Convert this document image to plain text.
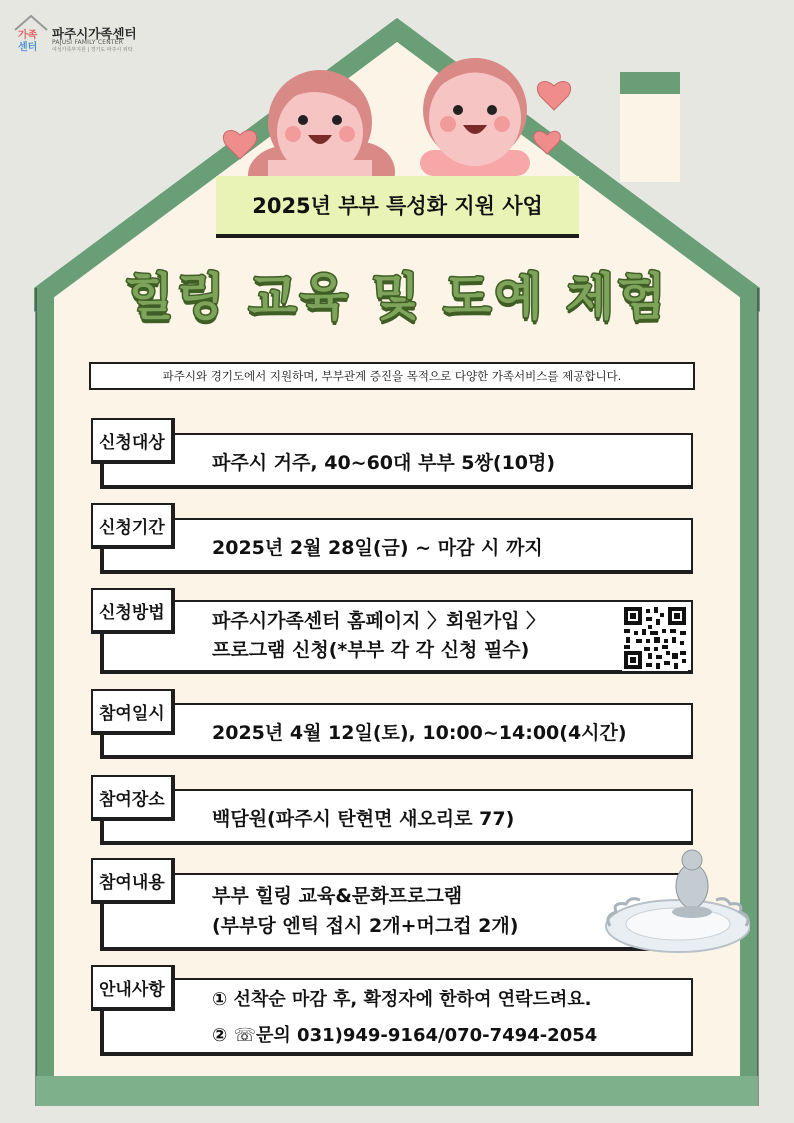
가족
센터
파주시가족센터
PAJUSI FAMILY CENTER
여성가족부지원 | 경기도 파주시 위탁
2025년 부부 특성화 지원 사업
힐링 교육 및 도예 체험
파주시와 경기도에서 지원하며, 부부관계 증진을 목적으로 다양한 가족서비스를 제공합니다.
신청대상
파주시 거주, 40~60대 부부 5쌍(10명)
신청기간
2025년 2월 28일(금) ~ 마감 시 까지
신청방법	파주시가족센터 홈페이지 〉회원가입 〉
프로그램 신청(*부부 각 각 신청 필수)
참여일시
2025년 4월 12일(토), 10:00~14:00(4시간)
참여장소
백담원(파주시 탄현면 새오리로 77)
참여내용
부부 힐링 교육&문화프로그램
(부부당 엔틱 접시 2개+머그컵 2개)
안내사항	① 선착순 마감 후, 확정자에 한하여 연락드려요.
② ☏문의 031)949-9164/070-7494-2054
